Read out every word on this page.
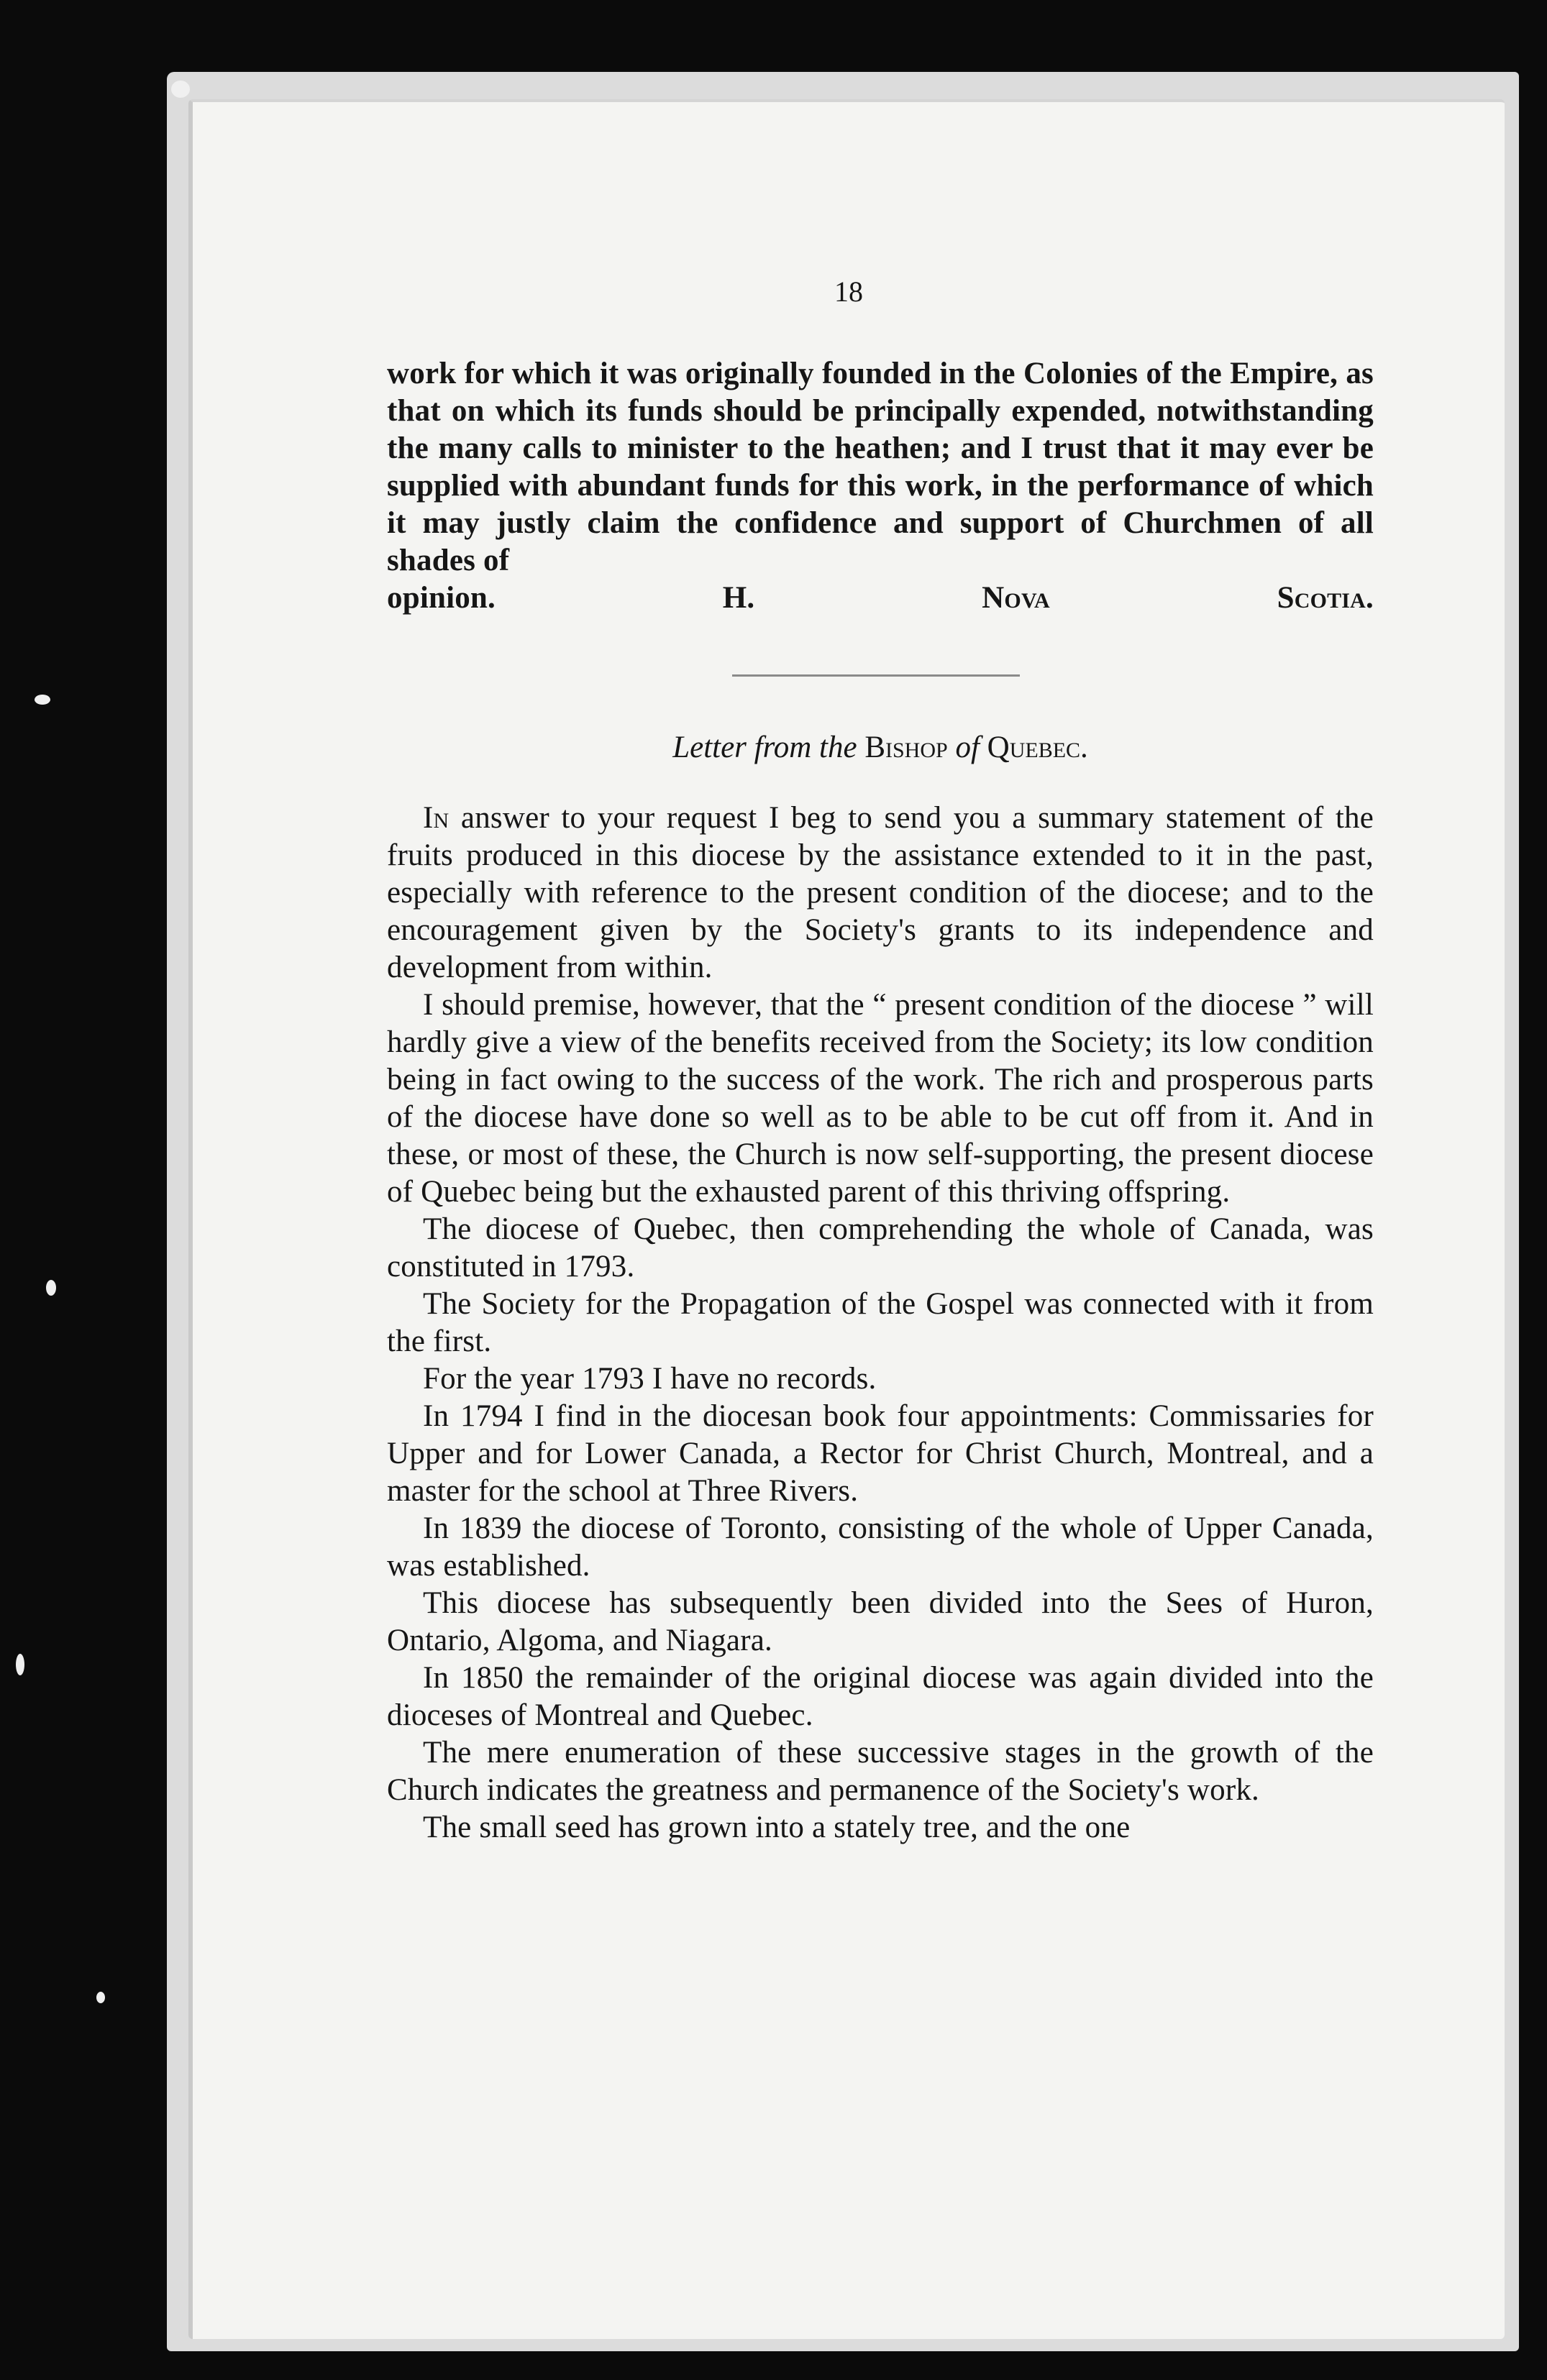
18

work for which it was originally founded in the Colonies of the Empire, as that on which its funds should be principally expended, notwithstanding the many calls to minister to the heathen; and I trust that it may ever be supplied with abundant funds for this work, in the performance of which it may justly claim the confidence and support of Churchmen of all shades of

opinion.	H. Nova Scotia.

Letter from the Bishop of Quebec.

In answer to your request I beg to send you a summary statement of the fruits produced in this diocese by the assistance extended to it in the past, especially with reference to the present condition of the diocese; and to the encouragement given by the Society's grants to its independence and development from within.

I should premise, however, that the “ present condition of the diocese ” will hardly give a view of the benefits received from the Society; its low condition being in fact owing to the success of the work. The rich and prosperous parts of the diocese have done so well as to be able to be cut off from it. And in these, or most of these, the Church is now self-supporting, the present diocese of Quebec being but the exhausted parent of this thriving offspring.

The diocese of Quebec, then comprehending the whole of Canada, was constituted in 1793.

The Society for the Propagation of the Gospel was connected with it from the first.

For the year 1793 I have no records.

In 1794 I find in the diocesan book four appointments: Commissaries for Upper and for Lower Canada, a Rector for Christ Church, Montreal, and a master for the school at Three Rivers.

In 1839 the diocese of Toronto, consisting of the whole of Upper Canada, was established.

This diocese has subsequently been divided into the Sees of Huron, Ontario, Algoma, and Niagara.

In 1850 the remainder of the original diocese was again divided into the dioceses of Montreal and Quebec.

The mere enumeration of these successive stages in the growth of the Church indicates the greatness and permanence of the Society's work.

The small seed has grown into a stately tree, and the one
